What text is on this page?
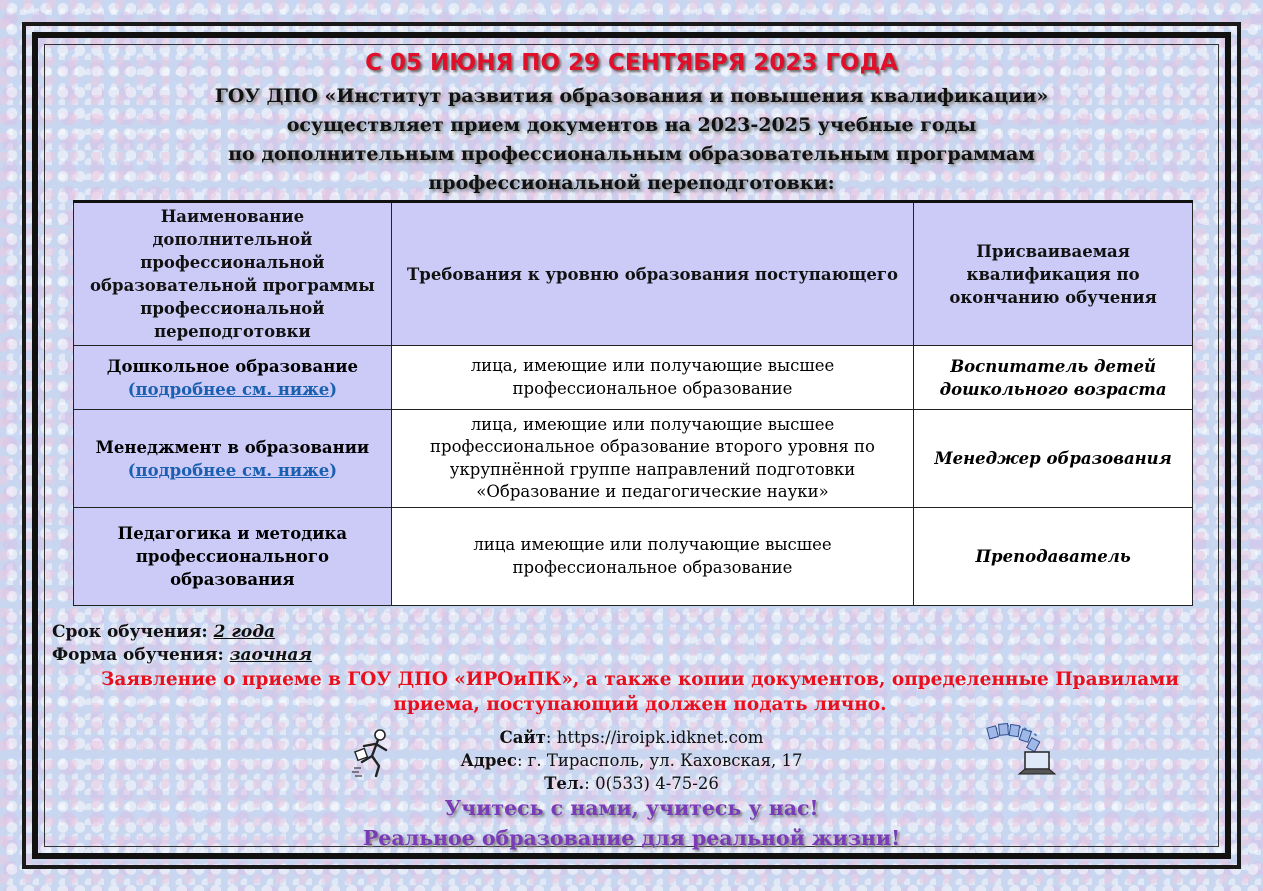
С 05 ИЮНЯ ПО 29 СЕНТЯБРЯ 2023 ГОДА
ГОУ ДПО «Институт развития образования и повышения квалификации»
осуществляет прием документов на 2023-2025 учебные годы
по дополнительным профессиональным образовательным программам
профессиональной переподготовки:
Наименование дополнительной профессиональной образовательной программы профессиональной переподготовки	Требования к уровню образования поступающего	Присваиваемая квалификация по окончанию обучения
Дошкольное образование
(подробнее см. ниже)	лица, имеющие или получающие высшее профессиональное образование	Воспитатель детей дошкольного возраста
Менеджмент в образовании
(подробнее см. ниже)	лица, имеющие или получающие высшее профессиональное образование второго уровня по укрупнённой группе направлений подготовки «Образование и педагогические науки»	Менеджер образования
Педагогика и методика профессионального образования	лица имеющие или получающие высшее профессиональное образование	Преподаватель
Срок обучения: 2 года
Форма обучения: заочная
Заявление о приеме в ГОУ ДПО «ИРОиПК», а также копии документов, определенные Правилами приема, поступающий должен подать лично.
Сайт: https://iroipk.idknet.com
Адрес: г. Тирасполь, ул. Каховская, 17
Тел.: 0(533) 4-75-26
Учитесь с нами, учитесь у нас!
Реальное образование для реальной жизни!
